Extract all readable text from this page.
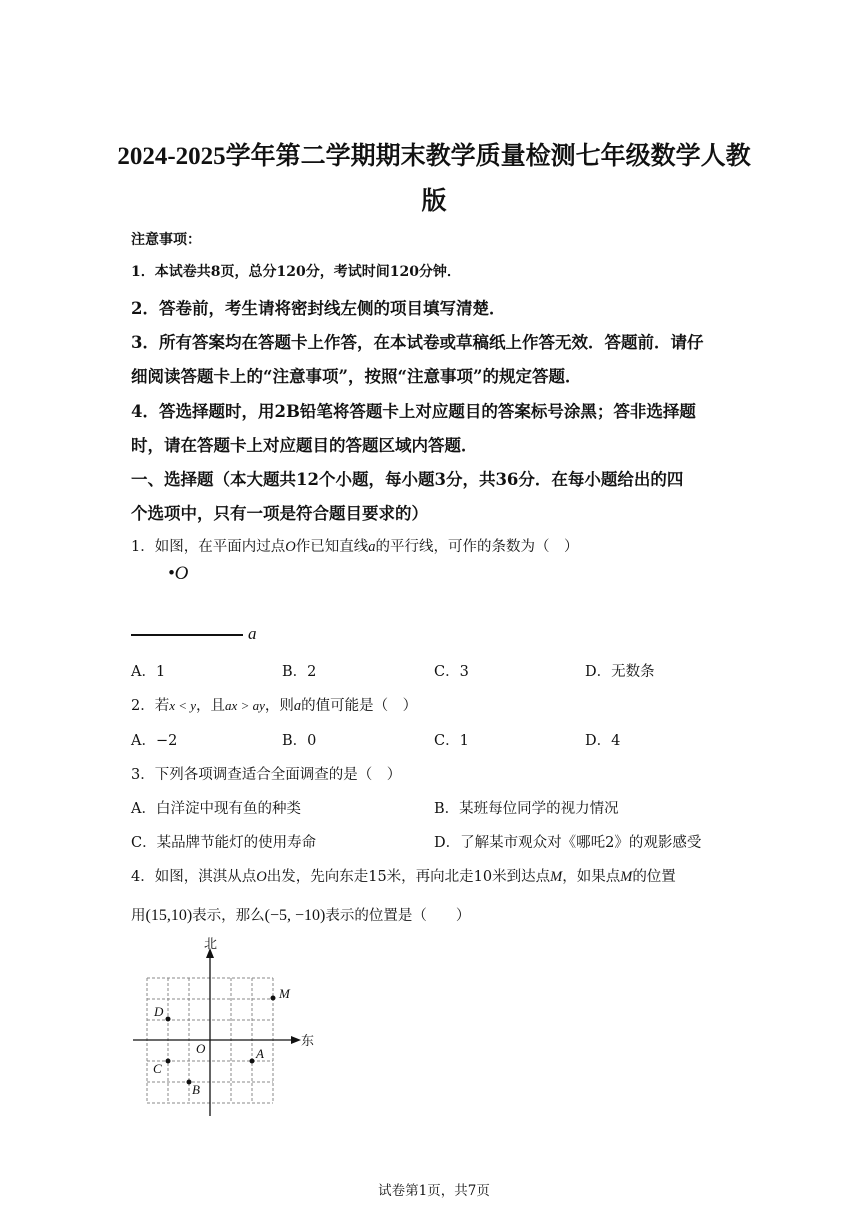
2024-2025学年第二学期期末教学质量检测七年级数学人教
版
注意事项：
1．本试卷共8页，总分120分，考试时间120分钟．
2．答卷前，考生请将密封线左侧的项目填写清楚．
3．所有答案均在答题卡上作答，在本试卷或草稿纸上作答无效．答题前．请仔
细阅读答题卡上的“注意事项”，按照“注意事项”的规定答题．
4．答选择题时，用2B铅笔将答题卡上对应题目的答案标号涂黑；答非选择题
时，请在答题卡上对应题目的答题区域内答题．
一、选择题（本大题共12个小题，每小题3分，共36分．在每小题给出的四
个选项中，只有一项是符合题目要求的）
1．如图，在平面内过点O作已知直线a的平行线，可作的条数为（　）
•O
a
A．1	B．2	C．3	D．无数条
2．若x < y，且ax > ay，则a的值可能是（　）
A．−2	B．0	C．1	D．4
3．下列各项调查适合全面调查的是（　）
A．白洋淀中现有鱼的种类	B．某班每位同学的视力情况
C．某品牌节能灯的使用寿命	D．了解某市观众对《哪吒2》的观影感受
4．如图，淇淇从点O出发，先向东走15米，再向北走10米到达点M，如果点M的位置
用(15,10)表示，那么(−5, −10)表示的位置是（　　）
北
东
O
M
D
A
C
B
试卷第1页，共7页
